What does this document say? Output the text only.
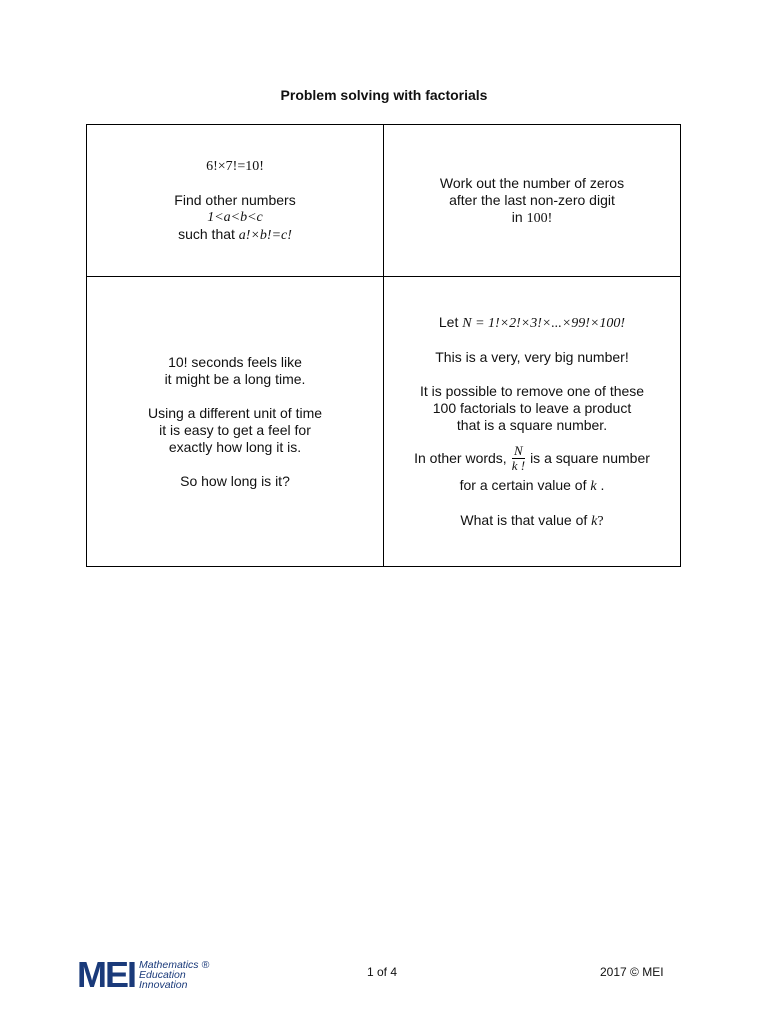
Problem solving with factorials
6!×7!=10!
Find other numbers
1<a<b<c
such that a!×b!=c!
Work out the number of zeros
after the last non-zero digit
in 100!
10! seconds feels like
it might be a long time.
Using a different unit of time
it is easy to get a feel for
exactly how long it is.
So how long is it?
Let N = 1!×2!×3!×...×99!×100!
This is a very, very big number!
It is possible to remove one of these
100 factorials to leave a product
that is a square number.
In other words, $\frac{N}{k !}$ is a square number
for a certain value of k .
What is that value of k?
MEI Mathematics ®
Education
Innovation
1 of 4	2017 © MEI
